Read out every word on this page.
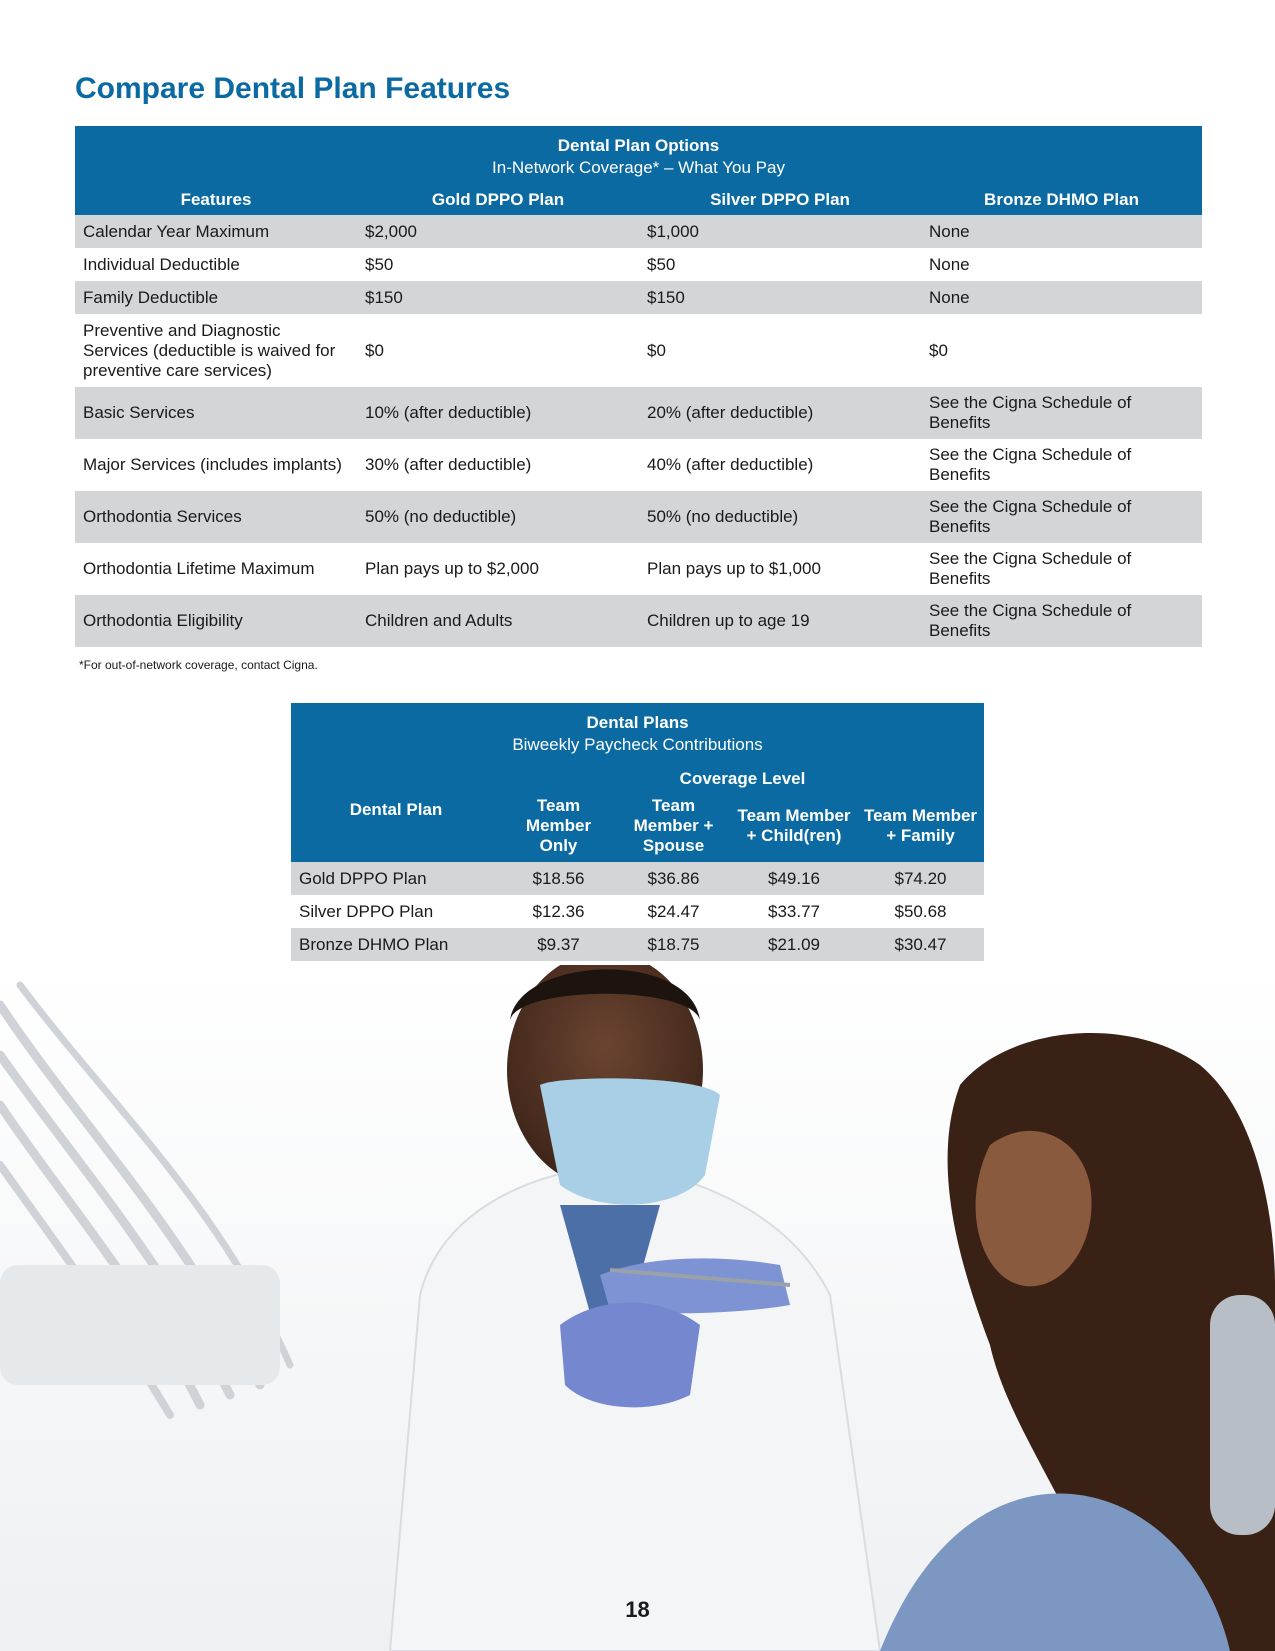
Compare Dental Plan Features
Dental Plan Options
In-Network Coverage* – What You Pay			

Features	Gold DPPO Plan	Silver DPPO Plan	Bronze DHMO Plan
Calendar Year Maximum	$2,000	$1,000	None
Individual Deductible	$50	$50	None
Family Deductible	$150	$150	None
Preventive and Diagnostic Services (deductible is waived for preventive care services)	$0	$0	$0
Basic Services	10% (after deductible)	20% (after deductible)	See the Cigna Schedule of Benefits
Major Services (includes implants)	30% (after deductible)	40% (after deductible)	See the Cigna Schedule of Benefits
Orthodontia Services	50% (no deductible)	50% (no deductible)	See the Cigna Schedule of Benefits
Orthodontia Lifetime Maximum	Plan pays up to $2,000	Plan pays up to $1,000	See the Cigna Schedule of Benefits
Orthodontia Eligibility	Children and Adults	Children up to age 19	See the Cigna Schedule of Benefits

*For out-of-network coverage, contact Cigna.

Dental Plans
Biweekly Paycheck Contributions				

Dental Plan	Coverage Level			
	Team Member Only	Team Member + Spouse	Team Member + Child(ren)	Team Member + Family
Gold DPPO Plan	$18.56	$36.86	$49.16	$74.20
Silver DPPO Plan	$12.36	$24.47	$33.77	$50.68
Bronze DHMO Plan	$9.37	$18.75	$21.09	$30.47
18
